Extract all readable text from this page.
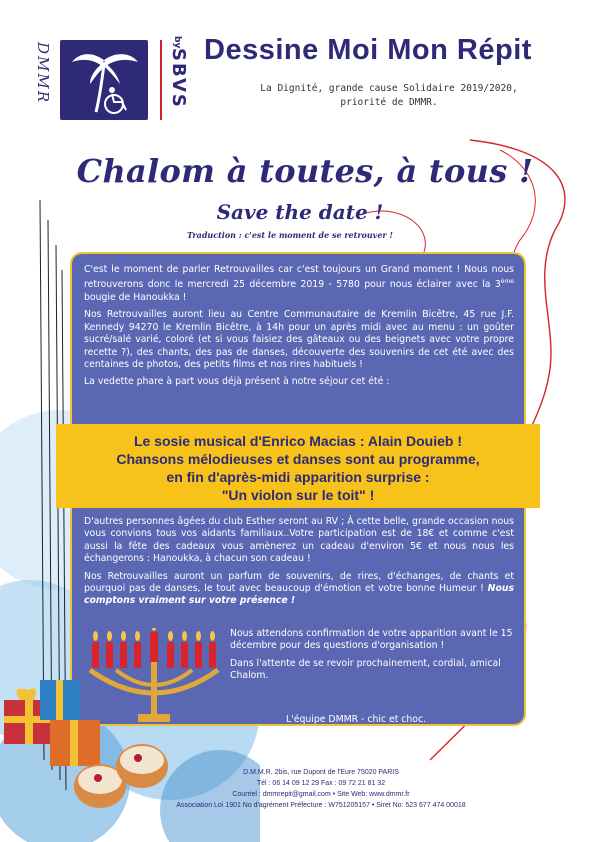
DMMR	by
SBVS Dessine Moi Mon Répit
La Dignité, grande cause Solidaire 2019/2020,
priorité de DMMR.
Chalom à toutes, à tous !
Save the date !
Traduction : c'est le moment de se retrouver !

C'est le moment de parler Retrouvailles car c'est toujours un Grand moment ! Nous nous retrouverons donc le mercredi 25 décembre 2019 - 5780 pour nous éclairer avec la 3ème bougie de Hanoukka !

Nos Retrouvailles auront lieu au Centre Communautaire de Kremlin Bicêtre, 45 rue J.F. Kennedy 94270 le Kremlin Bicêtre, à 14h pour un après midi avec au menu : un goûter sucré/salé varié, coloré (et si vous faisiez des gâteaux ou des beignets avec votre propre recette ?), des chants, des pas de danses, découverte des souvenirs de cet été avec des centaines de photos, des petits films et nos rires habituels !

La vedette phare à part vous déjà présent à notre séjour cet été :

Le sosie musical d'Enrico Macias : Alain Douieb !
Chansons mélodieuses et danses sont au programme,
en fin d'après-midi apparition surprise :
"Un violon sur le toit" !

D'autres personnes âgées du club Esther seront au RV ; À cette belle, grande occasion nous vous convions tous vos aidants familiaux..Votre participation est de 18€ et comme c'est aussi la fête des cadeaux vous amènerez un cadeau d'environ 5€ et nous nous les échangerons : Hanoukka, à chacun son cadeau !

Nos Retrouvailles auront un parfum de souvenirs, de rires, d'échanges, de chants et pourquoi pas de danses, le tout avec beaucoup d'émotion et votre bonne Humeur ! Nous comptons vraiment sur votre présence !

Nous attendons confirmation de votre apparition avant le 15 décembre pour des questions d'organisation !

Dans l'attente de se revoir prochainement, cordial, amical Chalom.

L'équipe DMMR - chic et choc.
D.M.M.R. 2bis, rue Dupont de l'Eure 75020 PARIS
Tél : 06 14 09 12 29 Fax : 09 72 21 81 32
Courriel : dmmrepit@gmail.com • Site Web: www.dmmr.fr
Association Loi 1901 No d'agrément Préfecture : W751205157 • Siret No: 523 677 474 00018
